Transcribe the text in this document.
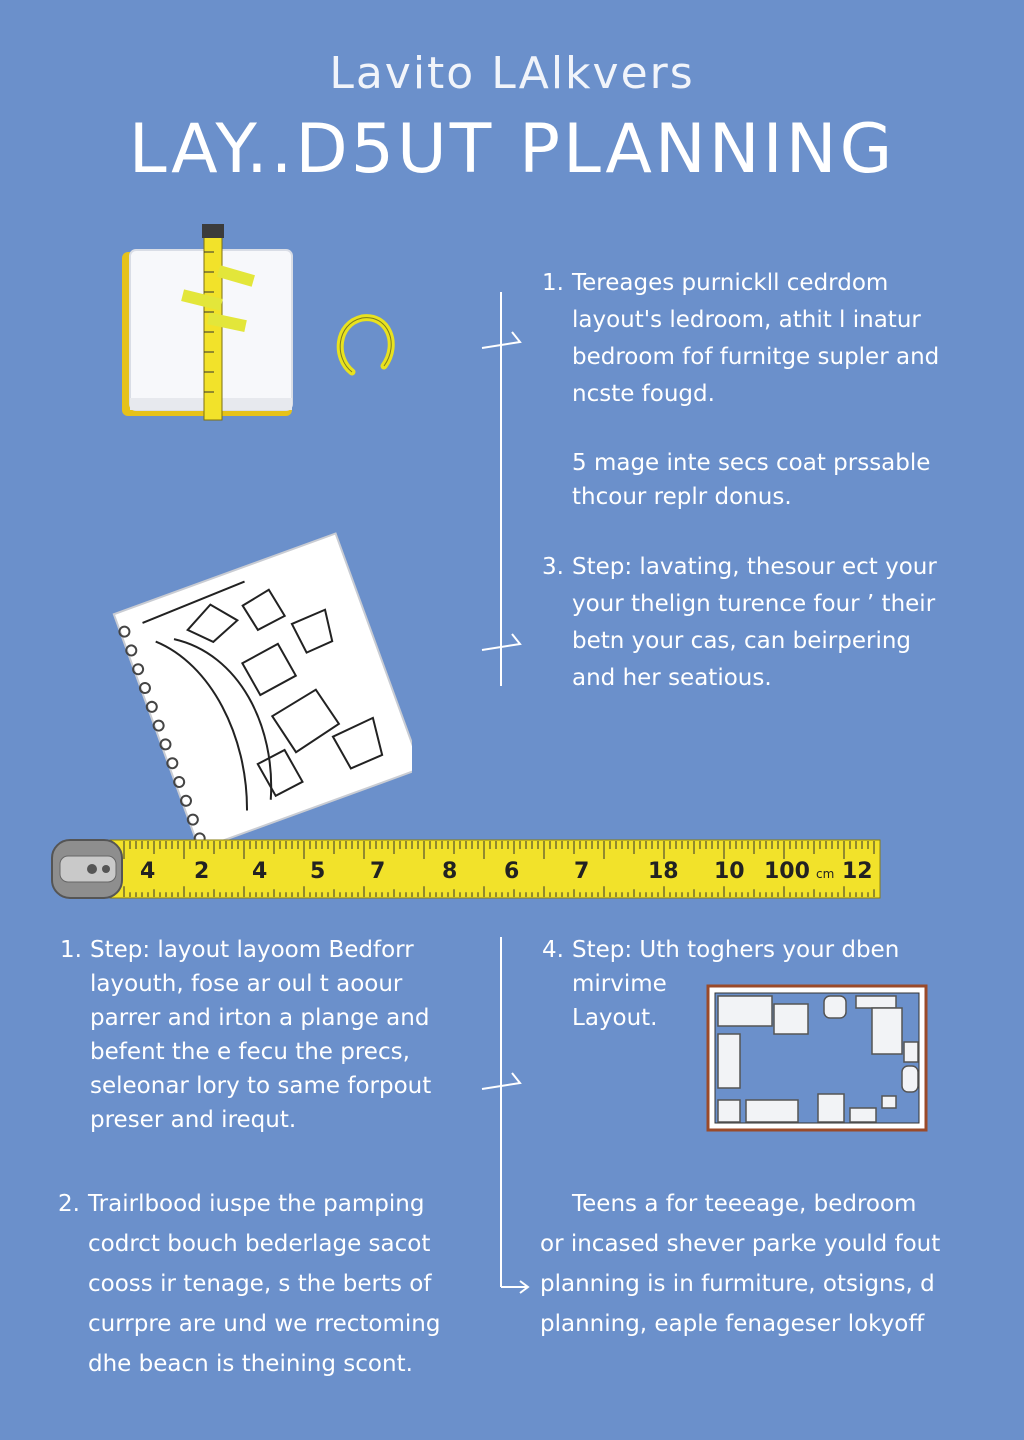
Lavito LAlkvers
LAY..D5UT PLANNING
1. Tereages purnickll cedrdom
layout's ledroom, athit l inatur
bedroom fof furnitge supler and
ncste fougd.
5 mage inte secs coat prssable
thcour replr donus.
3. Step: lavating, thesour ect your
your thelign turence four ’ their
betn your cas, can beirpering
and her seatious.
4 2 4 5 7	8 6 7	18 10 100 cm 12
1. Step: layout layoom Bedforr
layouth, fose ar oul t aoour
parrer and irton a plange and
befent the e fecu the precs,
seleonar lory to same forpout
preser and irequt.
2. Trairlbood iuspe the pamping
codrct bouch bederlage sacot
cooss ir tenage, s the berts of
currpre are und we rrectoming
dhe beacn is theining scont.
4. Step: Uth toghers your dben
mirvime
Layout.
Teens a for teeeage, bedroom
or incased shever parke yould fout
planning is in furmiture, otsigns, d
planning, eaple fenageser lokyoff
